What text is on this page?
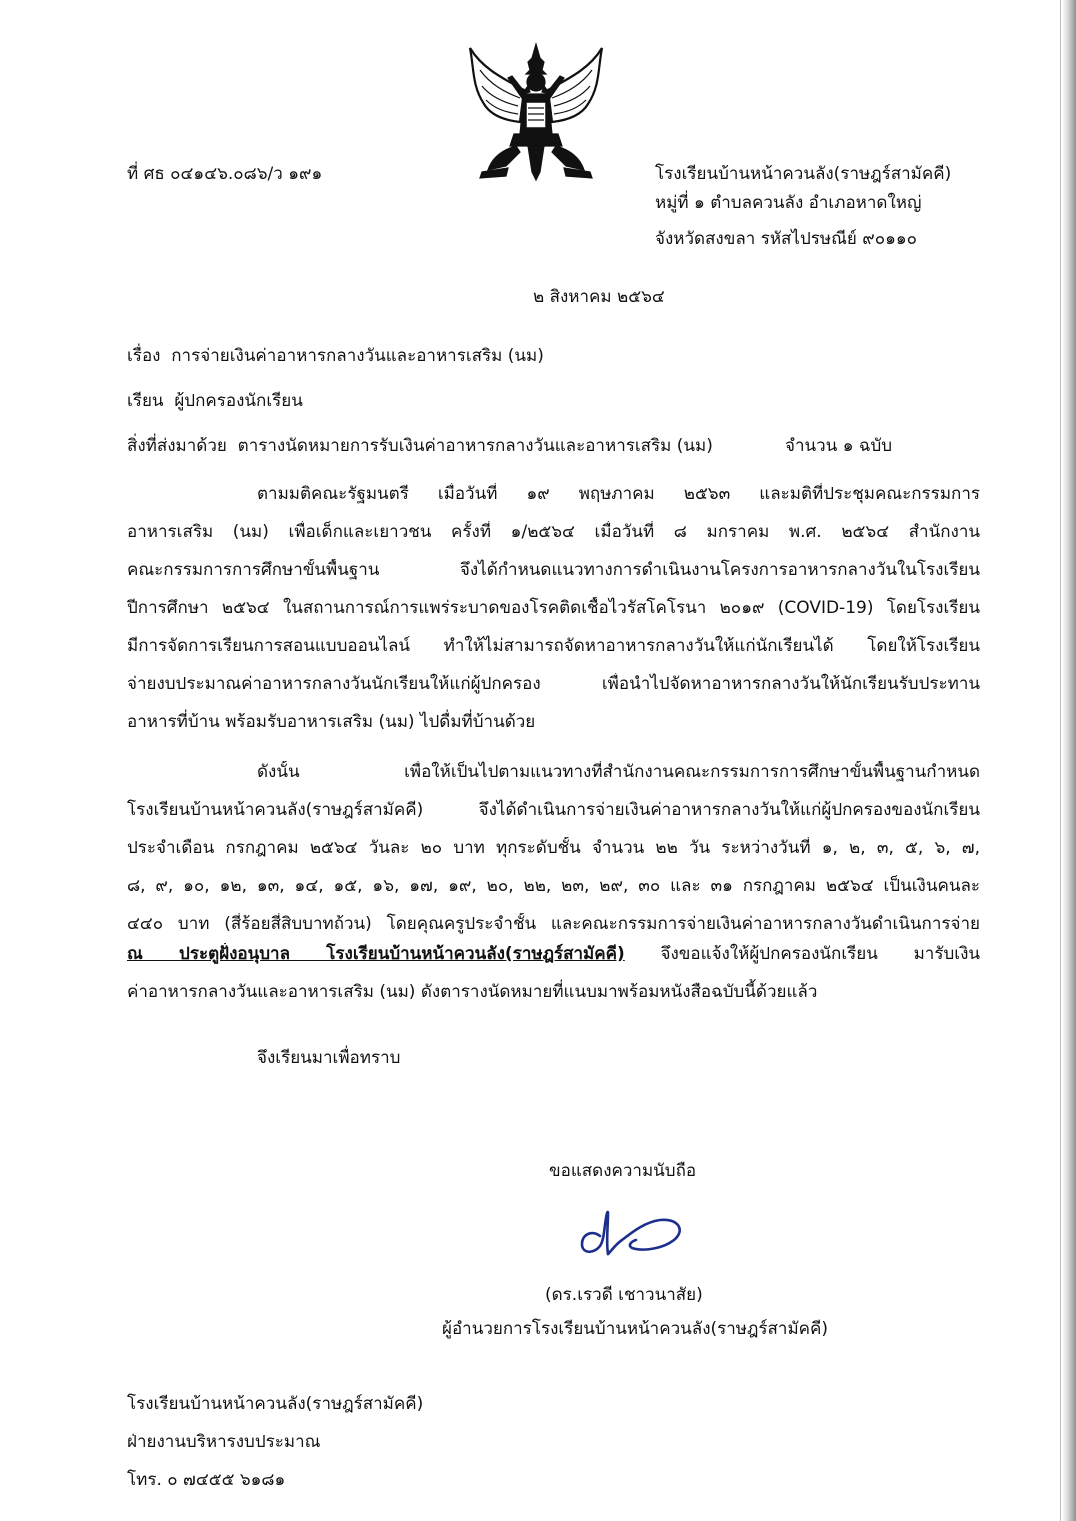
ที่ ศธ ๐๔๑๔๖.๐๘๖/ว ๑๙๑	โรงเรียนบ้านหน้าควนลัง(ราษฎร์สามัคคี)
หมู่ที่ ๑ ตำบลควนลัง อำเภอหาดใหญ่
จังหวัดสงขลา รหัสไปรษณีย์ ๙๐๑๑๐
๒ สิงหาคม ๒๕๖๔
เรื่อง การจ่ายเงินค่าอาหารกลางวันและอาหารเสริม (นม)
เรียน ผู้ปกครองนักเรียน
สิ่งที่ส่งมาด้วย ตารางนัดหมายการรับเงินค่าอาหารกลางวันและอาหารเสริม (นม)	จำนวน ๑ ฉบับ
ตามมติคณะรัฐมนตรี เมื่อวันที่ ๑๙ พฤษภาคม ๒๕๖๓ และมติที่ประชุมคณะกรรมการ
อาหารเสริม (นม) เพื่อเด็กและเยาวชน ครั้งที่ ๑/๒๕๖๔ เมื่อวันที่ ๘ มกราคม พ.ศ. ๒๕๖๔ สำนักงาน
คณะกรรมการการศึกษาขั้นพื้นฐาน จึงได้กำหนดแนวทางการดำเนินงานโครงการอาหารกลางวันในโรงเรียน
ปีการศึกษา ๒๕๖๔ ในสถานการณ์การแพร่ระบาดของโรคติดเชื้อไวรัสโคโรนา ๒๐๑๙ (COVID-19) โดยโรงเรียน
มีการจัดการเรียนการสอนแบบออนไลน์ ทำให้ไม่สามารถจัดหาอาหารกลางวันให้แก่นักเรียนได้ โดยให้โรงเรียน
จ่ายงบประมาณค่าอาหารกลางวันนักเรียนให้แก่ผู้ปกครอง เพื่อนำไปจัดหาอาหารกลางวันให้นักเรียนรับประทาน
อาหารที่บ้าน พร้อมรับอาหารเสริม (นม) ไปดื่มที่บ้านด้วย
ดังนั้น เพื่อให้เป็นไปตามแนวทางที่สำนักงานคณะกรรมการการศึกษาขั้นพื้นฐานกำหนด
โรงเรียนบ้านหน้าควนลัง(ราษฎร์สามัคคี) จึงได้ดำเนินการจ่ายเงินค่าอาหารกลางวันให้แก่ผู้ปกครองของนักเรียน
ประจำเดือน กรกฎาคม ๒๕๖๔ วันละ ๒๐ บาท ทุกระดับชั้น จำนวน ๒๒ วัน ระหว่างวันที่ ๑, ๒, ๓, ๕, ๖, ๗,
๘, ๙, ๑๐, ๑๒, ๑๓, ๑๔, ๑๕, ๑๖, ๑๗, ๑๙, ๒๐, ๒๒, ๒๓, ๒๙, ๓๐ และ ๓๑ กรกฎาคม ๒๕๖๔ เป็นเงินคนละ
๔๔๐ บาท (สี่ร้อยสี่สิบบาทถ้วน) โดยคุณครูประจำชั้น และคณะกรรมการจ่ายเงินค่าอาหารกลางวันดำเนินการจ่าย
ณ ประตูฝั่งอนุบาล โรงเรียนบ้านหน้าควนลัง(ราษฎร์สามัคคี) จึงขอแจ้งให้ผู้ปกครองนักเรียน มารับเงิน
ค่าอาหารกลางวันและอาหารเสริม (นม) ดังตารางนัดหมายที่แนบมาพร้อมหนังสือฉบับนี้ด้วยแล้ว
จึงเรียนมาเพื่อทราบ
ขอแสดงความนับถือ
(ดร.เรวดี เชาวนาสัย)
ผู้อำนวยการโรงเรียนบ้านหน้าควนลัง(ราษฎร์สามัคคี)
โรงเรียนบ้านหน้าควนลัง(ราษฎร์สามัคคี)
ฝ่ายงานบริหารงบประมาณ
โทร. ๐ ๗๔๕๕ ๖๑๘๑
